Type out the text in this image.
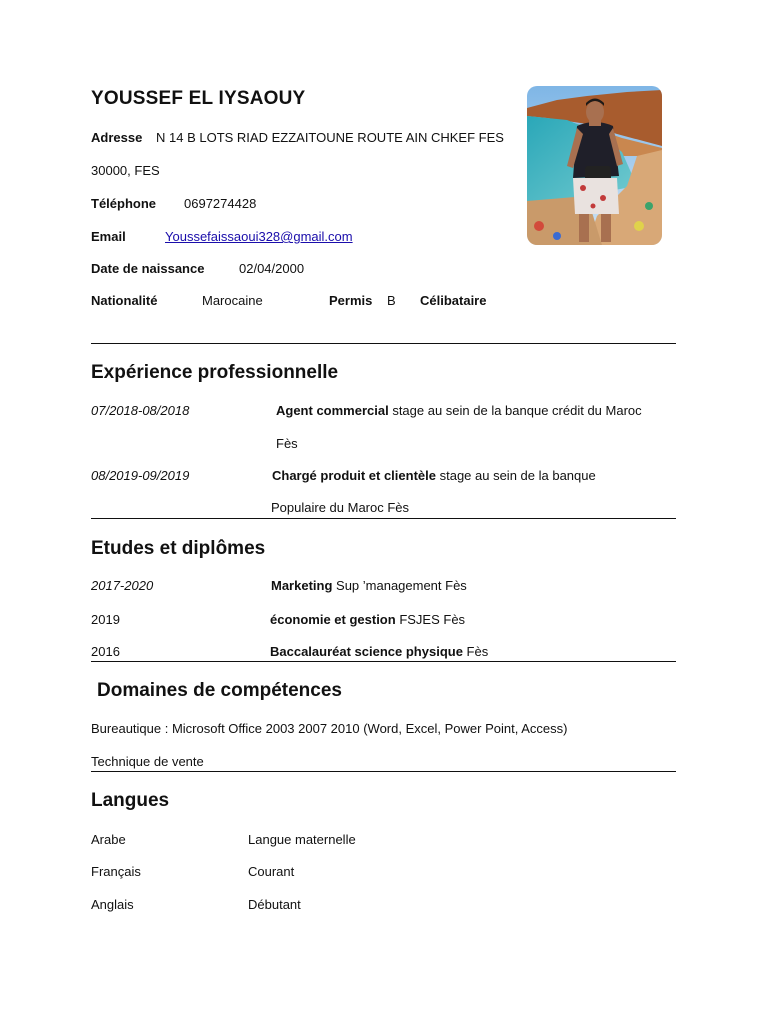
YOUSSEF EL IYSAOUY
Adresse N 14 B LOTS RIAD EZZAITOUNE ROUTE AIN CHKEF FES
30000, FES
Téléphone 0697274428
Email	Youssefaissaoui328@gmail.com
Date de naissance	02/04/2000
Nationalité	Marocaine	Permis B Célibataire
Expérience professionnelle
07/2018-08/2018	Agent commercial stage au sein de la banque crédit du Maroc
Fès
08/2019-09/2019	Chargé produit et clientèle stage au sein de la banque
Populaire du Maroc Fès
Etudes et diplômes
2017-2020	Marketing Sup ’management Fès
2019	économie et gestion FSJES Fès
2016	Baccalauréat science physique Fès
Domaines de compétences
Bureautique : Microsoft Office 2003 2007 2010 (Word, Excel, Power Point, Access)
Technique de vente
Langues
Arabe	Langue maternelle
Français	Courant
Anglais	Débutant
